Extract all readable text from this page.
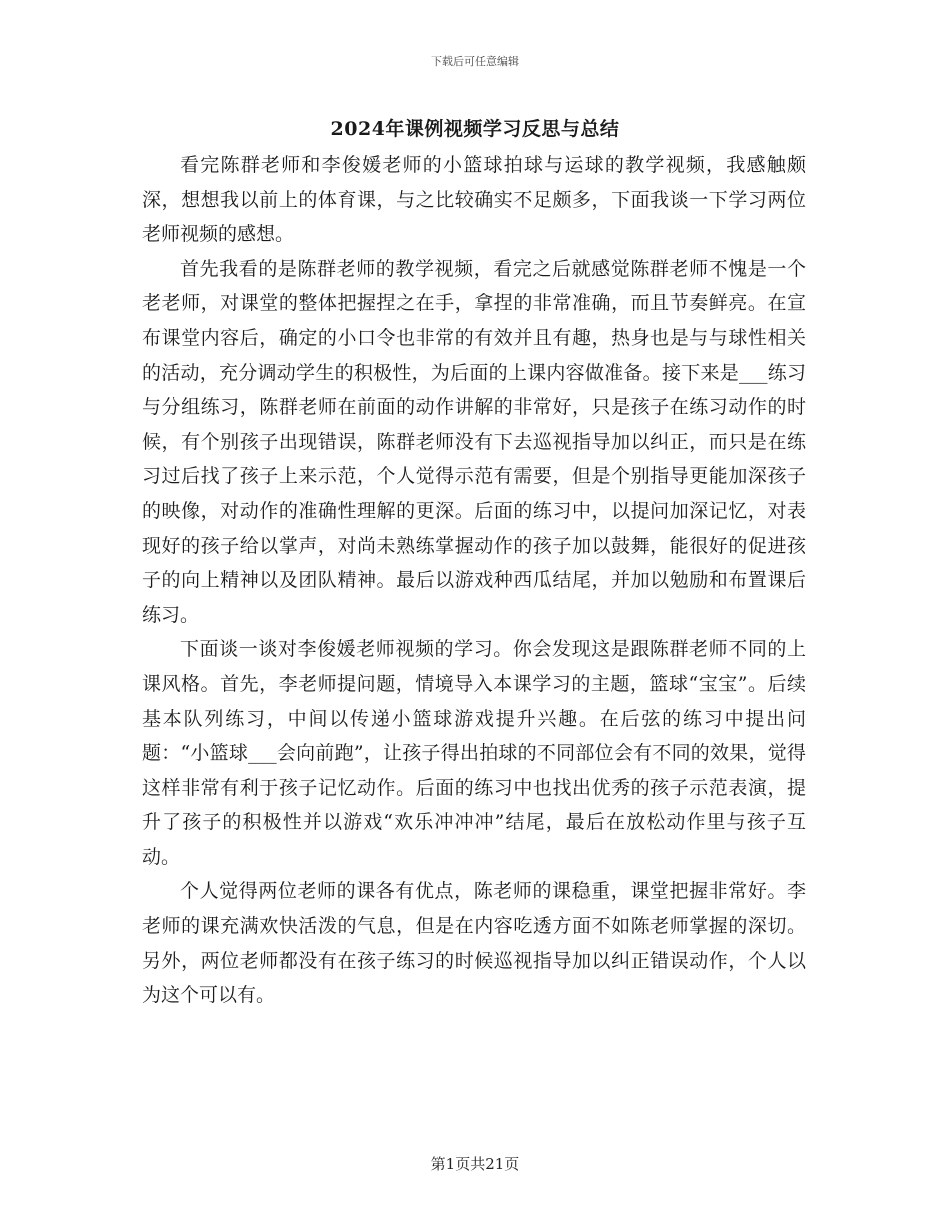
下载后可任意编辑
2024年课例视频学习反思与总结

看完陈群老师和李俊媛老师的小篮球拍球与运球的教学视频，我感触颇深，想想我以前上的体育课，与之比较确实不足颇多，下面我谈一下学习两位老师视频的感想。

首先我看的是陈群老师的教学视频，看完之后就感觉陈群老师不愧是一个老老师，对课堂的整体把握捏之在手，拿捏的非常准确，而且节奏鲜亮。在宣布课堂内容后，确定的小口令也非常的有效并且有趣，热身也是与与球性相关的活动，充分调动学生的积极性，为后面的上课内容做准备。接下来是___练习与分组练习，陈群老师在前面的动作讲解的非常好，只是孩子在练习动作的时候，有个别孩子出现错误，陈群老师没有下去巡视指导加以纠正，而只是在练习过后找了孩子上来示范，个人觉得示范有需要，但是个别指导更能加深孩子的映像，对动作的准确性理解的更深。后面的练习中，以提问加深记忆，对表现好的孩子给以掌声，对尚未熟练掌握动作的孩子加以鼓舞，能很好的促进孩子的向上精神以及团队精神。最后以游戏种西瓜结尾，并加以勉励和布置课后练习。

下面谈一谈对李俊媛老师视频的学习。你会发现这是跟陈群老师不同的上课风格。首先，李老师提问题，情境导入本课学习的主题，篮球“宝宝”。后续基本队列练习，中间以传递小篮球游戏提升兴趣。在后弦的练习中提出问题：“小篮球___会向前跑”，让孩子得出拍球的不同部位会有不同的效果，觉得这样非常有利于孩子记忆动作。后面的练习中也找出优秀的孩子示范表演，提升了孩子的积极性并以游戏“欢乐冲冲冲”结尾，最后在放松动作里与孩子互动。

个人觉得两位老师的课各有优点，陈老师的课稳重，课堂把握非常好。李老师的课充满欢快活泼的气息，但是在内容吃透方面不如陈老师掌握的深切。另外，两位老师都没有在孩子练习的时候巡视指导加以纠正错误动作，个人以为这个可以有。

第1页共21页
